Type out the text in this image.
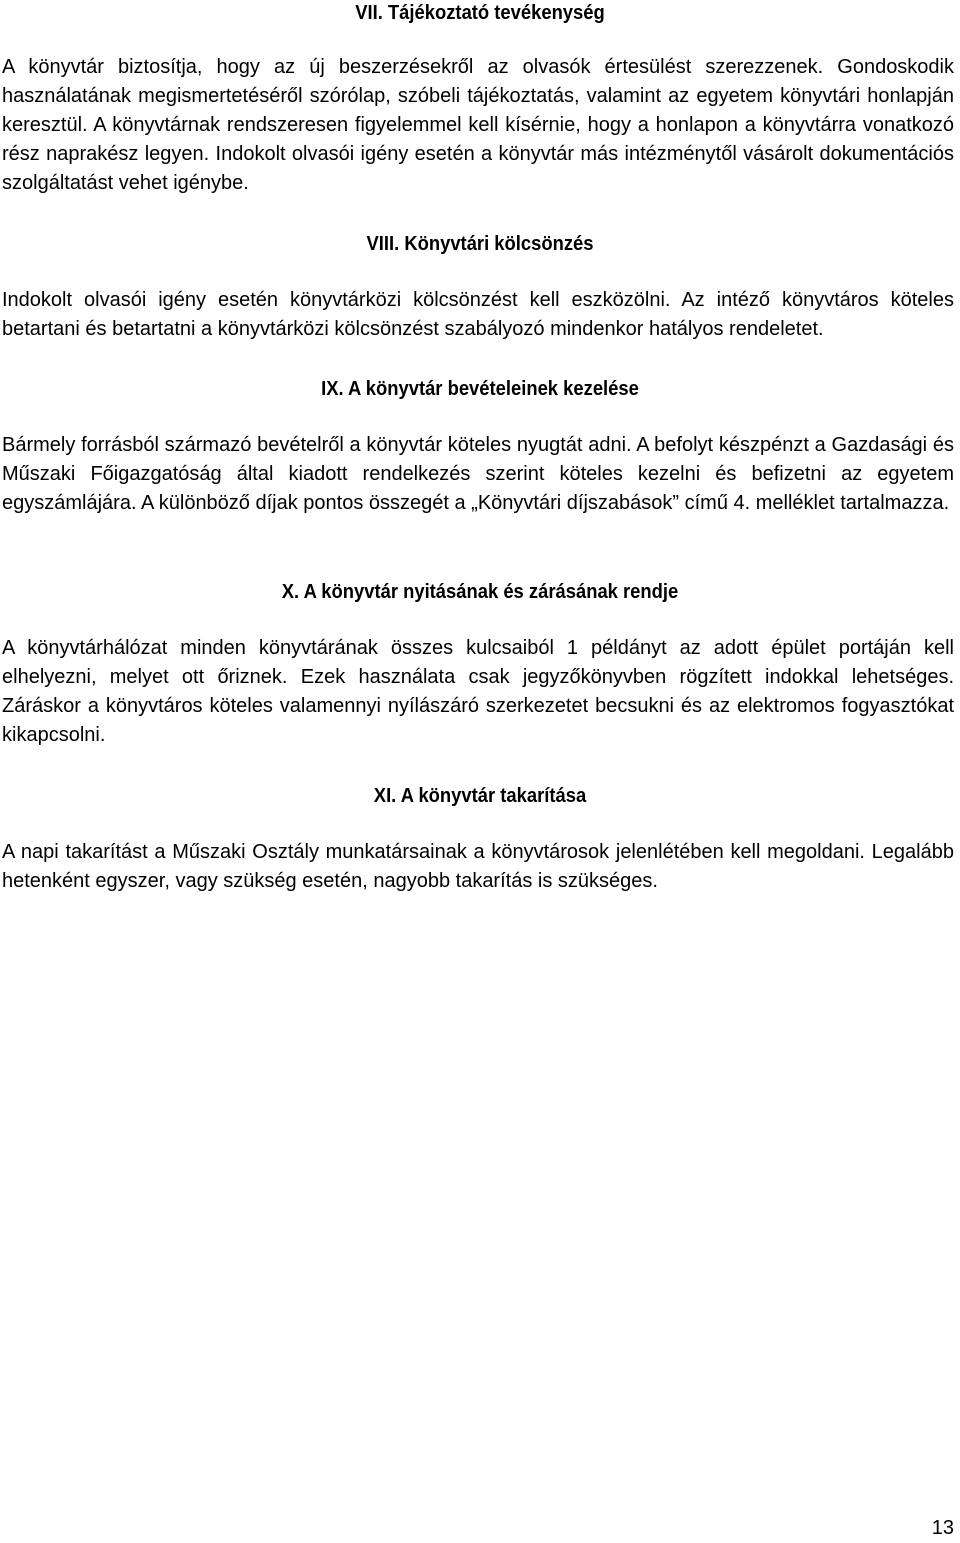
VII. Tájékoztató tevékenység
A könyvtár biztosítja, hogy az új beszerzésekről az olvasók értesülést szerezzenek. Gondoskodik használatának megismertetéséről szórólap, szóbeli tájékoztatás, valamint az egyetem könyvtári honlapján keresztül. A könyvtárnak rendszeresen figyelemmel kell kísérnie, hogy a honlapon a könyvtárra vonatkozó rész naprakész legyen. Indokolt olvasói igény esetén a könyvtár más intézménytől vásárolt dokumentációs szolgáltatást vehet igénybe.
VIII. Könyvtári kölcsönzés
Indokolt olvasói igény esetén könyvtárközi kölcsönzést kell eszközölni. Az intéző könyvtáros köteles betartani és betartatni a könyvtárközi kölcsönzést szabályozó mindenkor hatályos rendeletet.
IX. A könyvtár bevételeinek kezelése
Bármely forrásból származó bevételről a könyvtár köteles nyugtát adni. A befolyt készpénzt a Gazdasági és Műszaki Főigazgatóság által kiadott rendelkezés szerint köteles kezelni és befizetni az egyetem egyszámlájára. A különböző díjak pontos összegét a „Könyvtári díjszabások” című 4. melléklet tartalmazza.
X. A könyvtár nyitásának és zárásának rendje
A könyvtárhálózat minden könyvtárának összes kulcsaiból 1 példányt az adott épület portáján kell elhelyezni, melyet ott őriznek. Ezek használata csak jegyzőkönyvben rögzített indokkal lehetséges. Záráskor a könyvtáros köteles valamennyi nyílászáró szerkezetet becsukni és az elektromos fogyasztókat kikapcsolni.
XI. A könyvtár takarítása
A napi takarítást a Műszaki Osztály munkatársainak a könyvtárosok jelenlétében kell megoldani. Legalább hetenként egyszer, vagy szükség esetén, nagyobb takarítás is szükséges.
13
